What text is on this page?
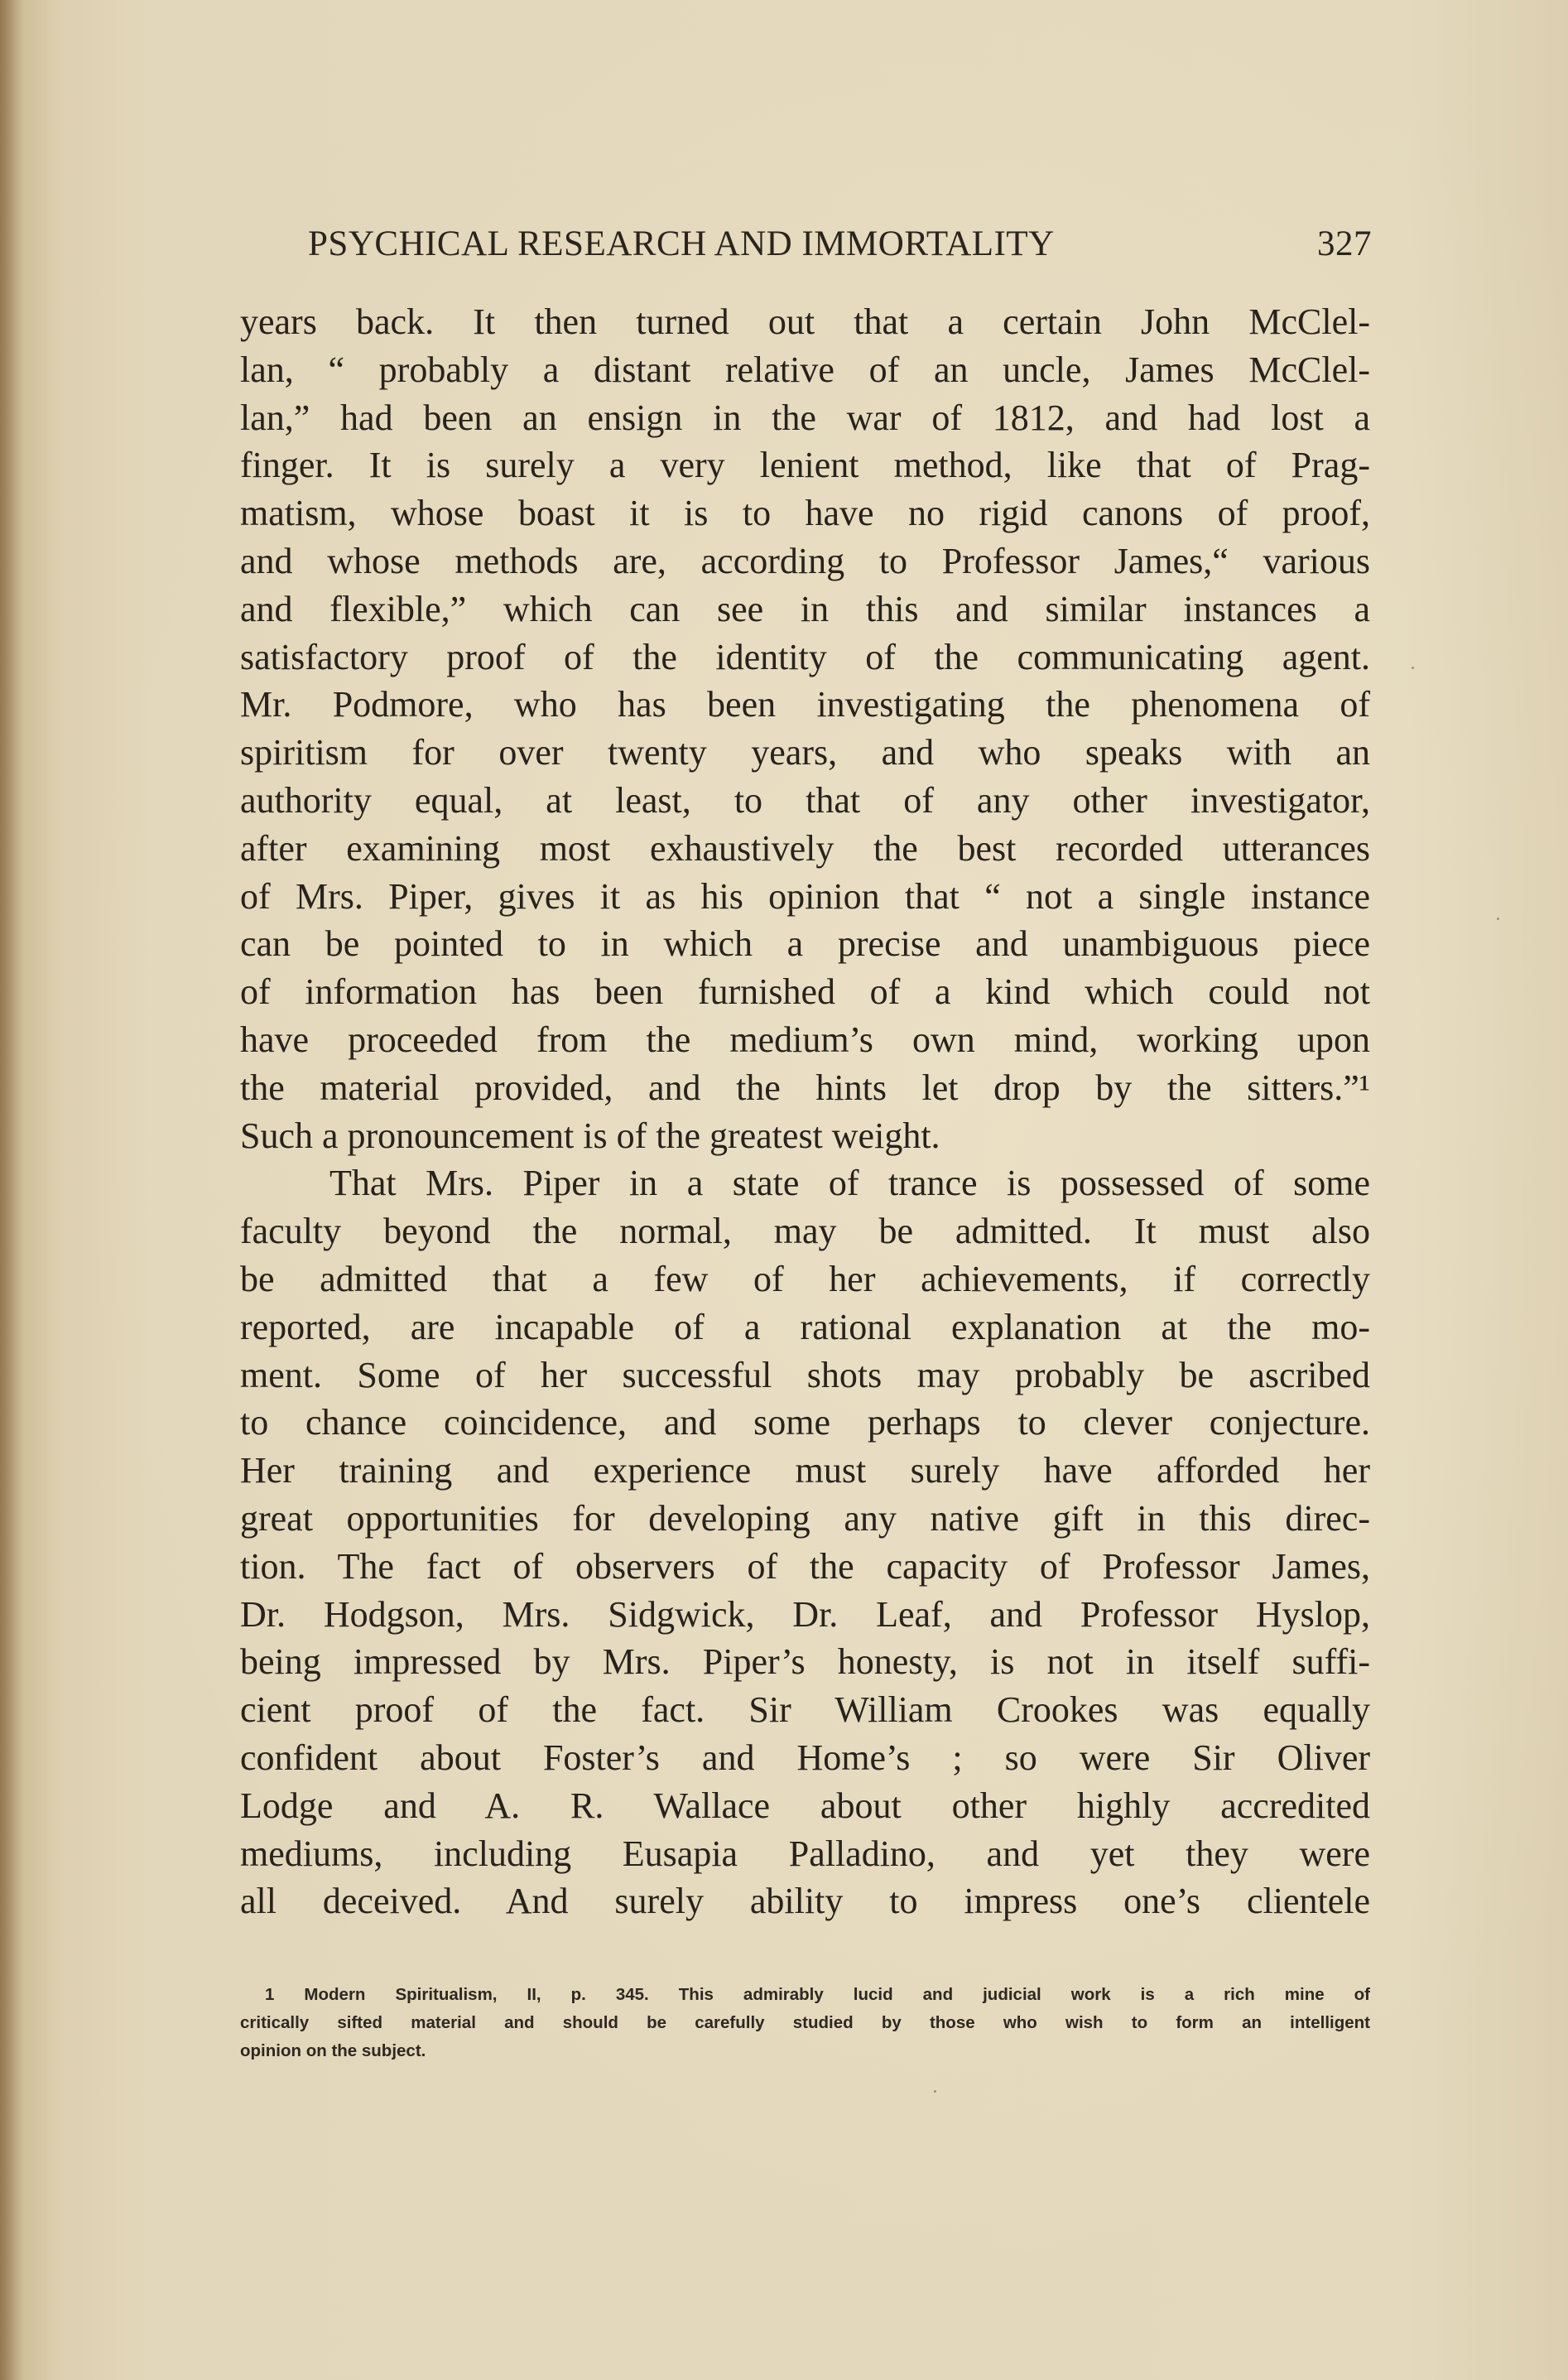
PSYCHICAL RESEARCH AND IMMORTALITY	327
years back. It then turned out that a certain John McClel-
lan, “ probably a distant relative of an uncle, James McClel-
lan,” had been an ensign in the war of 1812, and had lost a
finger. It is surely a very lenient method, like that of Prag-
matism, whose boast it is to have no rigid canons of proof,
and whose methods are, according to Professor James,“ various
and flexible,” which can see in this and similar instances a
satisfactory proof of the identity of the communicating agent.
Mr. Podmore, who has been investigating the phenomena of
spiritism for over twenty years, and who speaks with an
authority equal, at least, to that of any other investigator,
after examining most exhaustively the best recorded utterances
of Mrs. Piper, gives it as his opinion that “ not a single instance
can be pointed to in which a precise and unambiguous piece
of information has been furnished of a kind which could not
have proceeded from the medium’s own mind, working upon
the material provided, and the hints let drop by the sitters.”¹
Such a pronouncement is of the greatest weight.
That Mrs. Piper in a state of trance is possessed of some
faculty beyond the normal, may be admitted. It must also
be admitted that a few of her achievements, if correctly
reported, are incapable of a rational explanation at the mo-
ment. Some of her successful shots may probably be ascribed
to chance coincidence, and some perhaps to clever conjecture.
Her training and experience must surely have afforded her
great opportunities for developing any native gift in this direc-
tion. The fact of observers of the capacity of Professor James,
Dr. Hodgson, Mrs. Sidgwick, Dr. Leaf, and Professor Hyslop,
being impressed by Mrs. Piper’s honesty, is not in itself suffi-
cient proof of the fact. Sir William Crookes was equally
confident about Foster’s and Home’s ; so were Sir Oliver
Lodge and A. R. Wallace about other highly accredited
mediums, including Eusapia Palladino, and yet they were
all deceived. And surely ability to impress one’s clientele
1 Modern Spiritualism, II, p. 345. This admirably lucid and judicial work is a rich mine of
critically sifted material and should be carefully studied by those who wish to form an intelligent
opinion on the subject.
